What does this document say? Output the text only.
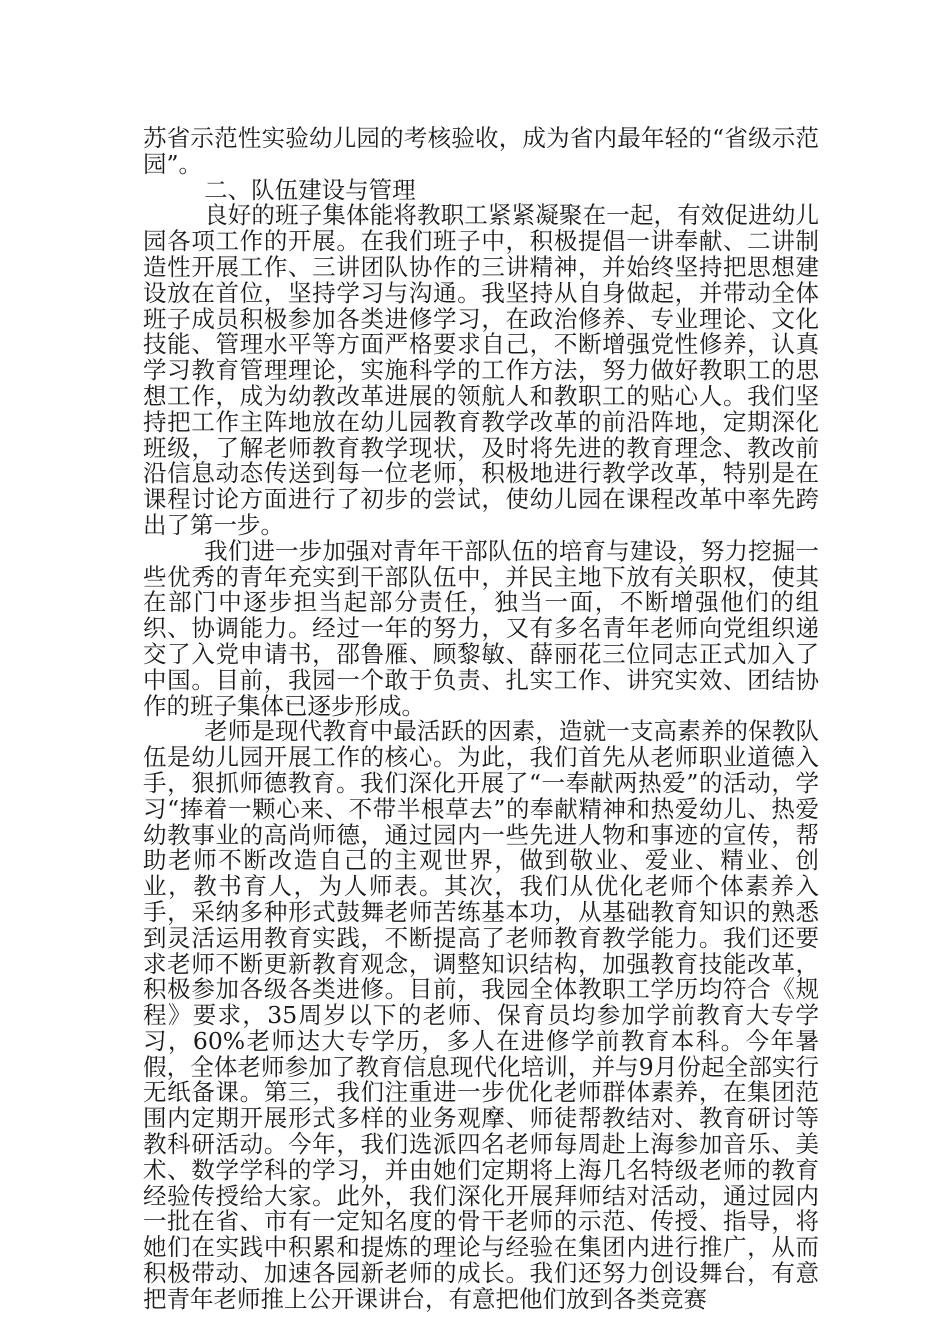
苏省示范性实验幼儿园的考核验收，成为省内最年轻的“省级示范园”。

二、队伍建设与管理

良好的班子集体能将教职工紧紧凝聚在一起，有效促进幼儿园各项工作的开展。在我们班子中，积极提倡一讲奉献、二讲制造性开展工作、三讲团队协作的三讲精神，并始终坚持把思想建设放在首位，坚持学习与沟通。我坚持从自身做起，并带动全体班子成员积极参加各类进修学习，在政治修养、专业理论、文化技能、管理水平等方面严格要求自己，不断增强党性修养，认真学习教育管理理论，实施科学的工作方法，努力做好教职工的思想工作，成为幼教改革进展的领航人和教职工的贴心人。我们坚持把工作主阵地放在幼儿园教育教学改革的前沿阵地，定期深化班级，了解老师教育教学现状，及时将先进的教育理念、教改前沿信息动态传送到每一位老师，积极地进行教学改革，特别是在课程讨论方面进行了初步的尝试，使幼儿园在课程改革中率先跨出了第一步。

我们进一步加强对青年干部队伍的培育与建设，努力挖掘一些优秀的青年充实到干部队伍中，并民主地下放有关职权，使其在部门中逐步担当起部分责任，独当一面，不断增强他们的组织、协调能力。经过一年的努力，又有多名青年老师向党组织递交了入党申请书，邵鲁雁、顾黎敏、薛丽花三位同志正式加入了中国。目前，我园一个敢于负责、扎实工作、讲究实效、团结协作的班子集体已逐步形成。

老师是现代教育中最活跃的因素，造就一支高素养的保教队伍是幼儿园开展工作的核心。为此，我们首先从老师职业道德入手，狠抓师德教育。我们深化开展了“一奉献两热爱”的活动，学习“捧着一颗心来、不带半根草去”的奉献精神和热爱幼儿、热爱幼教事业的高尚师德，通过园内一些先进人物和事迹的宣传，帮助老师不断改造自己的主观世界，做到敬业、爱业、精业、创业，教书育人，为人师表。其次，我们从优化老师个体素养入手，采纳多种形式鼓舞老师苦练基本功，从基础教育知识的熟悉到灵活运用教育实践，不断提高了老师教育教学能力。我们还要求老师不断更新教育观念，调整知识结构，加强教育技能改革，积极参加各级各类进修。目前，我园全体教职工学历均符合《规程》要求，35周岁以下的老师、保育员均参加学前教育大专学习，60%老师达大专学历，多人在进修学前教育本科。今年暑假，全体老师参加了教育信息现代化培训，并与9月份起全部实行无纸备课。第三，我们注重进一步优化老师群体素养，在集团范围内定期开展形式多样的业务观摩、师徒帮教结对、教育研讨等教科研活动。今年，我们选派四名老师每周赴上海参加音乐、美术、数学学科的学习，并由她们定期将上海几名特级老师的教育经验传授给大家。此外，我们深化开展拜师结对活动，通过园内一批在省、市有一定知名度的骨干老师的示范、传授、指导，将她们在实践中积累和提炼的理论与经验在集团内进行推广，从而积极带动、加速各园新老师的成长。我们还努力创设舞台，有意把青年老师推上公开课讲台，有意把他们放到各类竞赛
